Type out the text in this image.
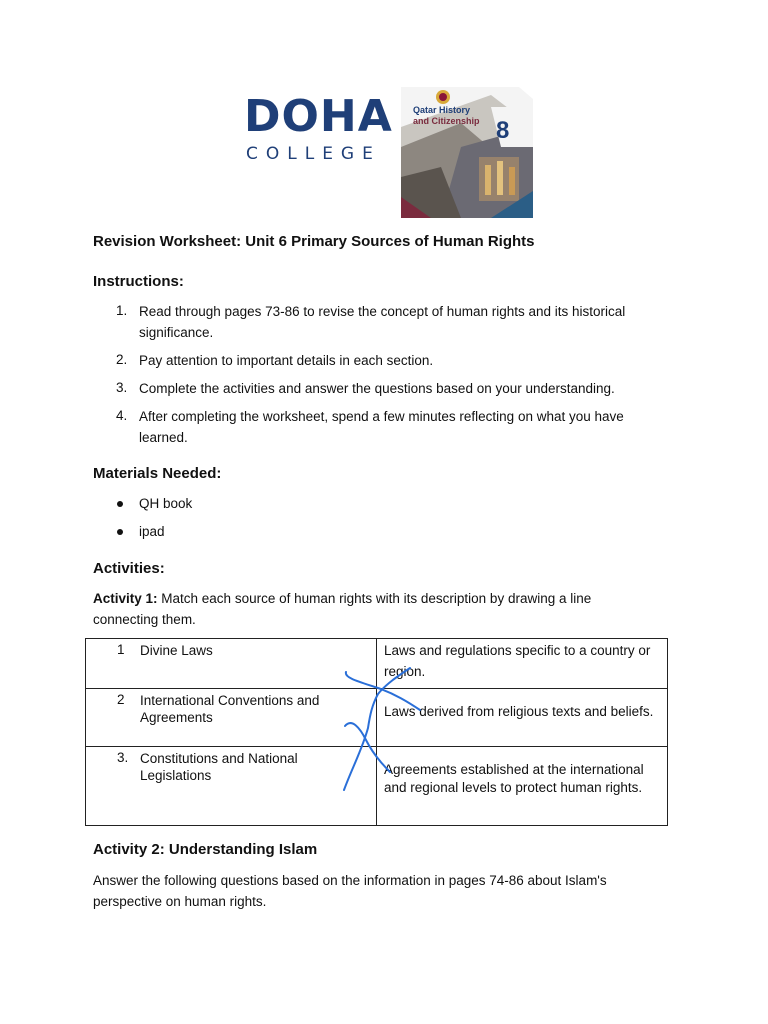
DOHA
COLLEGE
Qatar History
and Citizenship 8
Revision Worksheet: Unit 6 Primary Sources of Human Rights
Instructions:
1. Read through pages 73-86 to revise the concept of human rights and its historical
significance.
2. Pay attention to important details in each section.
3. Complete the activities and answer the questions based on your understanding.
4. After completing the worksheet, spend a few minutes reflecting on what you have
learned.
Materials Needed:
QH book
ipad
Activities:
Activity 1: Match each source of human rights with its description by drawing a line
connecting them.
1 Divine Laws	Laws and regulations specific to a country or region.

2 International Conventions and Agreements	Laws derived from religious texts and beliefs.

3. Constitutions and National Legislations	Agreements established at the international and regional levels to protect human rights.
Activity 2: Understanding Islam
Answer the following questions based on the information in pages 74-86 about Islam's
perspective on human rights.
